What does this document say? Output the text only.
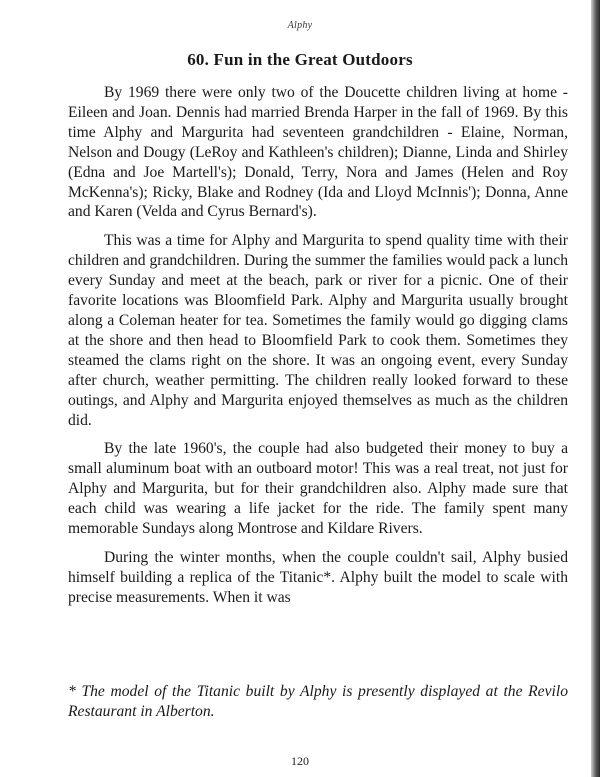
Alphy
60. Fun in the Great Outdoors

By 1969 there were only two of the Doucette children living at home - Eileen and Joan. Dennis had married Brenda Harper in the fall of 1969. By this time Alphy and Margurita had seventeen grandchildren - Elaine, Norman, Nelson and Dougy (LeRoy and Kathleen's children); Dianne, Linda and Shirley (Edna and Joe Martell's); Donald, Terry, Nora and James (Helen and Roy McKenna's); Ricky, Blake and Rodney (Ida and Lloyd McInnis'); Donna, Anne and Karen (Velda and Cyrus Bernard's).

This was a time for Alphy and Margurita to spend quality time with their children and grandchildren. During the summer the families would pack a lunch every Sunday and meet at the beach, park or river for a picnic. One of their favorite locations was Bloomfield Park. Alphy and Margurita usually brought along a Coleman heater for tea. Sometimes the family would go digging clams at the shore and then head to Bloomfield Park to cook them. Sometimes they steamed the clams right on the shore. It was an ongoing event, every Sunday after church, weather permitting. The children really looked forward to these outings, and Alphy and Margurita enjoyed themselves as much as the children did.

By the late 1960's, the couple had also budgeted their money to buy a small aluminum boat with an outboard motor! This was a real treat, not just for Alphy and Margurita, but for their grandchildren also. Alphy made sure that each child was wearing a life jacket for the ride. The family spent many memorable Sundays along Montrose and Kildare Rivers.

During the winter months, when the couple couldn't sail, Alphy busied himself building a replica of the Titanic*. Alphy built the model to scale with precise measurements. When it was

* The model of the Titanic built by Alphy is presently displayed at the Revilo Restaurant in Alberton.

120
